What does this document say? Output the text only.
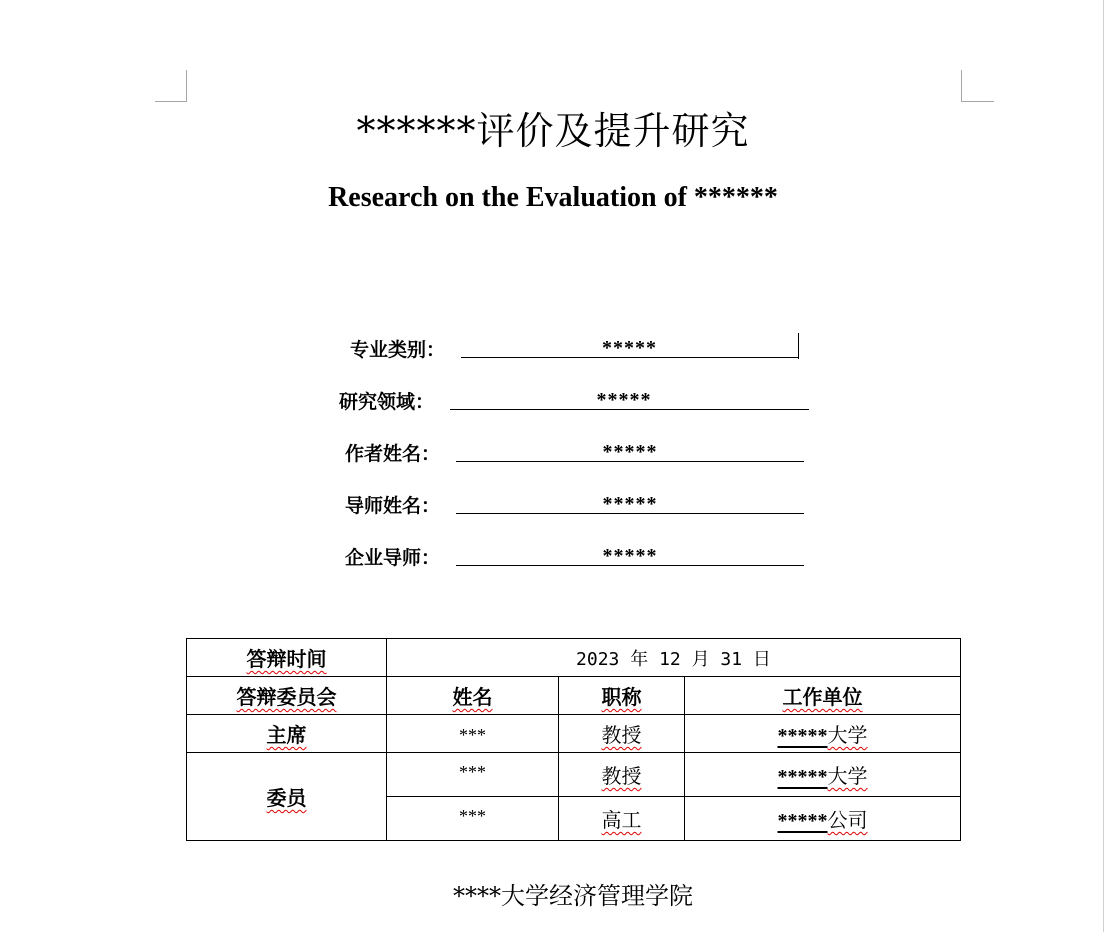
******评价及提升研究
Research on the Evaluation of ******
专业类别：	*****
研究领域：	*****
作者姓名：	*****
导师姓名：	*****
企业导师：	*****
答辩时间	2023 年 12 月 31 日		
答辩委员会	姓名	职称	工作单位
主席	***	教授	*****大学
委员	***	教授	*****大学
	***	高工	*****公司
****大学经济管理学院
